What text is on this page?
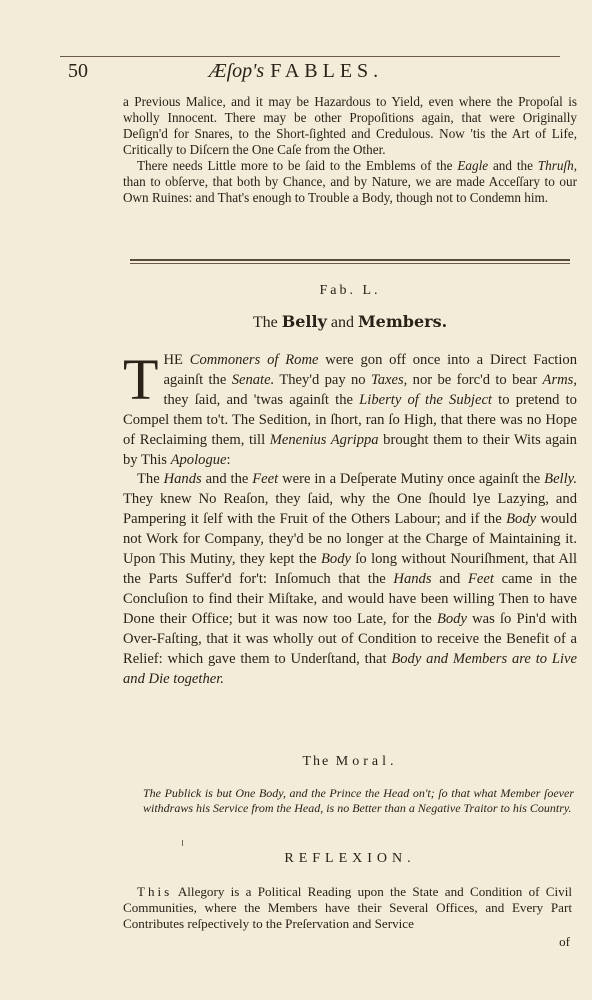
50	Æſop's FABLES.

a Previous Malice, and it may be Hazardous to Yield, even where the Propoſal is wholly Innocent. There may be other Propoſitions again, that were Originally Deſign'd for Snares, to the Short-ſighted and Credulous. Now 'tis the Art of Life, Critically to Diſcern the One Caſe from the Other.

There needs Little more to be ſaid to the Emblems of the Eagle and the Thruſh, than to obſerve, that both by Chance, and by Nature, we are made Acceſſary to our Own Ruines: and That's enough to Trouble a Body, though not to Condemn him.

Fab. L.
The Belly and Members.

THE Commoners of Rome were gon off once into a Direct Faction againſt the Senate. They'd pay no Taxes, nor be forc'd to bear Arms, they ſaid, and 'twas againſt the Liberty of the Subject to pretend to Compel them to't. The Sedition, in ſhort, ran ſo High, that there was no Hope of Reclaiming them, till Menenius Agrippa brought them to their Wits again by This Apologue:

The Hands and the Feet were in a Deſperate Mutiny once againſt the Belly. They knew No Reaſon, they ſaid, why the One ſhould lye Lazying, and Pampering it ſelf with the Fruit of the Others Labour; and if the Body would not Work for Company, they'd be no longer at the Charge of Maintaining it. Upon This Mutiny, they kept the Body ſo long without Nouriſhment, that All the Parts Suffer'd for't: Inſomuch that the Hands and Feet came in the Concluſion to find their Miſtake, and would have been willing Then to have Done their Office; but it was now too Late, for the Body was ſo Pin'd with Over-Faſting, that it was wholly out of Condition to receive the Benefit of a Relief: which gave them to Underſtand, that Body and Members are to Live and Die together.

The Moral.
The Publick is but One Body, and the Prince the Head on't; ſo that what Member ſoever withdraws his Service from the Head, is no Better than a Negative Traitor to his Country.
REFLEXION.

This Allegory is a Political Reading upon the State and Condition of Civil Communities, where the Members have their Several Offices, and Every Part Contributes reſpectively to the Preſervation and Service

of
